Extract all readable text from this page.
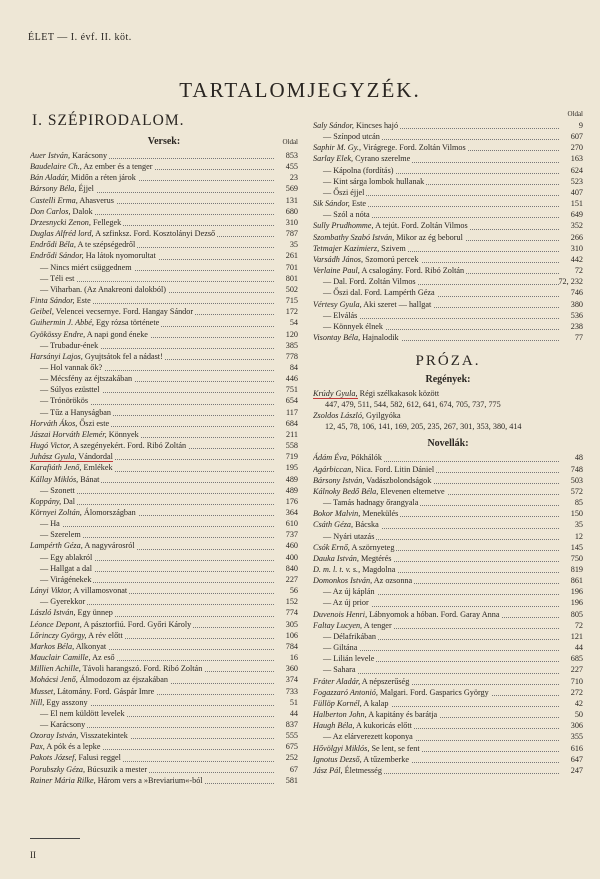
ÉLET — I. évf. II. köt.
TARTALOMJEGYZÉK.
I. SZÉPIRODALOM.
Versek:	Oldal
Auer István, Karácsony	853
Baudelaire Ch., Az ember és a tenger	455
Bán Aladár, Midőn a réten járok	23
Bársony Béla, Éjjel	569
Castelli Erma, Ahasverus	131
Don Carlos, Dalok	680
Drzesnycki Zenon, Fellegek	310
Duglas Alfréd lord, A szfinksz. Ford. Kosztolányi Dezső	787
Endrődi Béla, A te szépségedről	35
Endrődi Sándor, Ha látok nyomorultat	261
— Nincs miért csüggednem	701
— Téli est	801
— Viharban. (Az Anakreoni dalokból)	502
Finta Sándor, Este	715
Geibel, Velencei vecsernye. Ford. Hangay Sándor	172
Guihermin J. Abbé, Egy rózsa története	54
Gyökössy Endre, A napi gond éneke	120
— Trubadur-ének	385
Harsányi Lajos, Gyujtsátok fel a nádast!	778
— Hol vannak ők?	84
— Mécsfény az éjtszakában	446
— Súlyos ezüsttel	751
— Trónörökös	654
— Tűz a Hanyságban	117
Horváth Ákos, Őszi este	684
Jászai Horváth Elemér, Könnyek	211
Hugó Victor, A szegényekért. Ford. Ribó Zoltán	558
Juhász Gyula, Vándordal	719
Karafiáth Jenő, Emlékek	195
Kállay Miklós, Bánat	489
— Szonett	489
Koppány, Dal	176
Környei Zoltán, Álomországban	364
— Ha	610
— Szerelem	737
Lampérth Géza, A nagyvárosról	460
— Egy ablakról	400
— Hallgat a dal	840
— Virágénekek	227
Lányi Viktor, A villamosvonat	56
— Gyerekkor	152
László István, Egy ünnep	774
Léonce Depont, A pásztorfiú. Ford. Győri Károly	305
Lőrinczy György, A rév előtt	106
Markos Béla, Alkonyat	784
Mauclair Camille, Az eső	16
Millien Achille, Távoli harangszó. Ford. Ribó Zoltán	360
Mohácsi Jenő, Álmodozom az éjszakában	374
Musset, Látomány. Ford. Gáspár Imre	733
Nill, Egy asszony	51
— El nem küldött levelek	44
— Karácsony	837
Ozoray István, Visszatekintek	555
Pax, A pók és a lepke	675
Pakots József, Falusi reggel	252
Porubszky Géza, Búcsuzik a mester	67
Rainer Mária Rilke, Három vers a »Breviarium«-ból	581
Oldal
Saly Sándor, Kincses hajó	9
— Színpod utcán	607
Saphir M. Gy., Virágrege. Ford. Zoltán Vilmos	270
Sarlay Elek, Cyrano szerelme	163
— Kápolna (fordítás)	624
— Kint sárga lombok hullanak	523
— Őszi éjjel	407
Sik Sándor, Este	151
— Szól a nóta	649
Sully Prudhomme, A tejút. Ford. Zoltán Vilmos	352
Szombathy Szabó István, Mikor az ég beborul	266
Tetmajer Kazimierz, Szivem	310
Varsádh János, Szomorú percek	442
Verlaine Paul, A csalogány. Ford. Ribó Zoltán	72
— Dal. Ford. Zoltán Vilmos	72, 232
— Őszi dal. Ford. Lampérth Géza	746
Vértesy Gyula, Aki szeret — hallgat	380
— Elválás	536
— Könnyek élnek	238
Visontay Béla, Hajnalodik	77
PRÓZA.
Regények:
Krúdy Gyula, Régi szélkakasok között
447, 479, 511, 544, 582, 612, 641, 674, 705, 737, 775
Zsoldos László, Gyilgyóka
12, 45, 78, 106, 141, 169, 205, 235, 267, 301, 353, 380, 414
Novellák:
Ádám Éva, Pókhálók	48
Agárbiccan, Nica. Ford. Litin Dániel	748
Bársony István, Vadászbolondságok	503
Kálnoky Bedő Béla, Elevenen eltemetve	572
— Tamás hadnagy őrangyala	85
Bokor Malvin, Menekülés	150
Csáth Géza, Bácska	35
— Nyári utazás	12
Csók Ernő, A szörnyeteg	145
Dauka István, Megtérés	750
D. m. l. t. v. s., Magdolna	819
Domonkos István, Az ozsonna	861
— Az új káplán	196
— Az új prior	196
Duvenois Henri, Lábnyomok a hóban. Ford. Garay Anna	805
Faltay Lucyen, A tenger	72
— Délafrikában	121
— Giltána	44
— Lilián levele	685
— Sahara	227
Fráter Aladár, A népszerűség	710
Fogazzaró Antonió, Malgari. Ford. Gasparics György	272
Füllöp Kornél, A kalap	42
Halberton John, A kapitány és barátja	50
Haugh Béla, A kukoricás előtt	306
— Az elárverezett koponya	355
Hővölgyi Miklós, Se lent, se fent	616
Ignotus Dezső, A tűzemberke	647
Jász Pál, Életmesség	247
II
